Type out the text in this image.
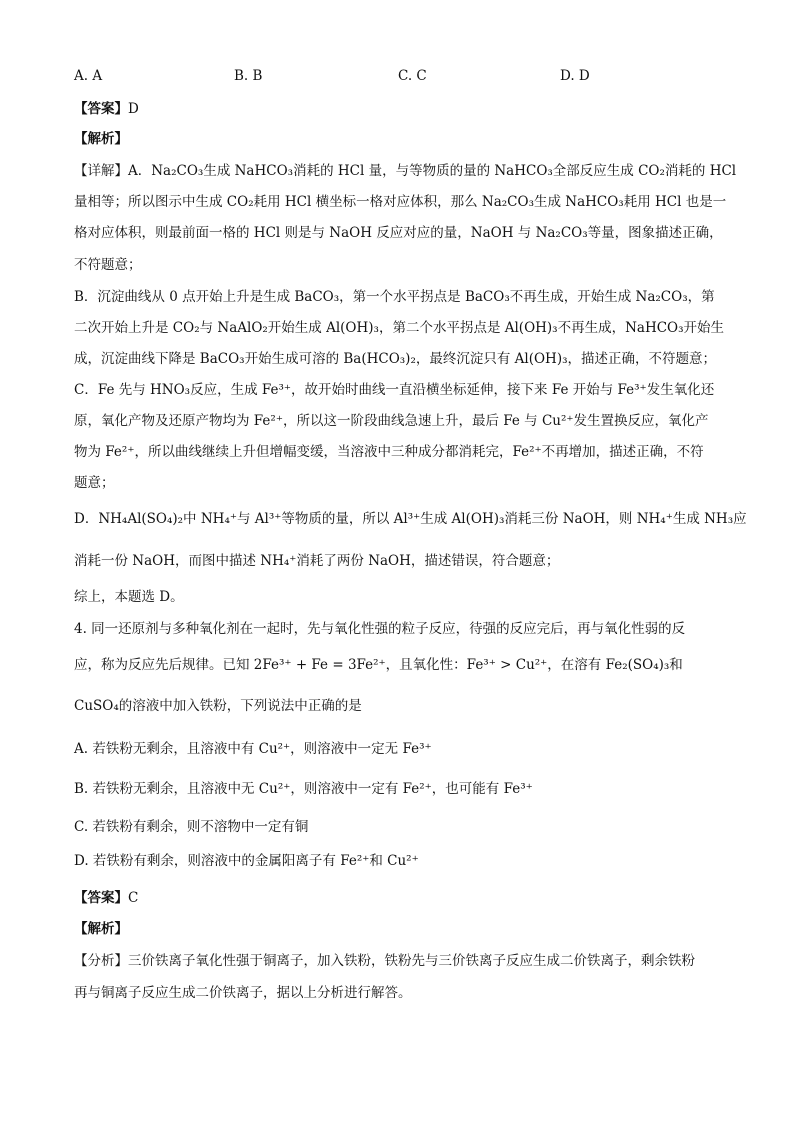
A. A	B. B	C. C	D. D
【答案】D
【解析】
【详解】A．Na₂CO₃生成 NaHCO₃消耗的 HCl 量，与等物质的量的 NaHCO₃全部反应生成 CO₂消耗的 HCl
量相等；所以图示中生成 CO₂耗用 HCl 横坐标一格对应体积，那么 Na₂CO₃生成 NaHCO₃耗用 HCl 也是一
格对应体积，则最前面一格的 HCl 则是与 NaOH 反应对应的量，NaOH 与 Na₂CO₃等量，图象描述正确，
不符题意；
B．沉淀曲线从 0 点开始上升是生成 BaCO₃，第一个水平拐点是 BaCO₃不再生成，开始生成 Na₂CO₃，第
二次开始上升是 CO₂与 NaAlO₂开始生成 Al(OH)₃，第二个水平拐点是 Al(OH)₃不再生成，NaHCO₃开始生
成，沉淀曲线下降是 BaCO₃开始生成可溶的 Ba(HCO₃)₂，最终沉淀只有 Al(OH)₃，描述正确，不符题意；
C．Fe 先与 HNO₃反应，生成 Fe³⁺，故开始时曲线一直沿横坐标延伸，接下来 Fe 开始与 Fe³⁺发生氧化还
原，氧化产物及还原产物均为 Fe²⁺，所以这一阶段曲线急速上升，最后 Fe 与 Cu²⁺发生置换反应，氧化产
物为 Fe²⁺，所以曲线继续上升但增幅变缓，当溶液中三种成分都消耗完，Fe²⁺不再增加，描述正确，不符
题意；
D．NH₄Al(SO₄)₂中 NH₄⁺与 Al³⁺等物质的量，所以 Al³⁺生成 Al(OH)₃消耗三份 NaOH，则 NH₄⁺生成 NH₃应
消耗一份 NaOH，而图中描述 NH₄⁺消耗了两份 NaOH，描述错误，符合题意；
综上，本题选 D。
4. 同一还原剂与多种氧化剂在一起时，先与氧化性强的粒子反应，待强的反应完后，再与氧化性弱的反
应，称为反应先后规律。已知 2Fe³⁺ + Fe = 3Fe²⁺，且氧化性：Fe³⁺ > Cu²⁺，在溶有 Fe₂(SO₄)₃和
CuSO₄的溶液中加入铁粉，下列说法中正确的是
A. 若铁粉无剩余，且溶液中有 Cu²⁺，则溶液中一定无 Fe³⁺
B. 若铁粉无剩余，且溶液中无 Cu²⁺，则溶液中一定有 Fe²⁺，也可能有 Fe³⁺
C. 若铁粉有剩余，则不溶物中一定有铜
D. 若铁粉有剩余，则溶液中的金属阳离子有 Fe²⁺和 Cu²⁺
【答案】C
【解析】
【分析】三价铁离子氧化性强于铜离子，加入铁粉，铁粉先与三价铁离子反应生成二价铁离子，剩余铁粉
再与铜离子反应生成二价铁离子，据以上分析进行解答。
